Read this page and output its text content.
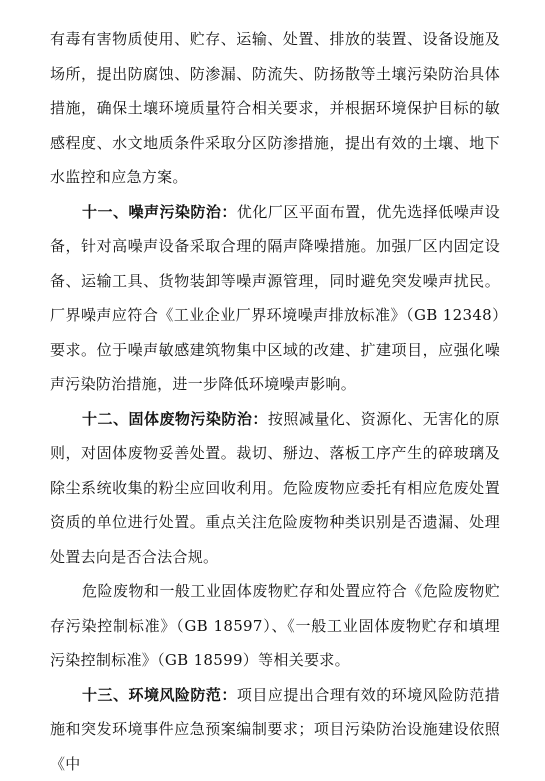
有毒有害物质使用、贮存、运输、处置、排放的装置、设备设施及场所，提出防腐蚀、防渗漏、防流失、防扬散等土壤污染防治具体措施，确保土壤环境质量符合相关要求，并根据环境保护目标的敏感程度、水文地质条件采取分区防渗措施，提出有效的土壤、地下水监控和应急方案。

十一、噪声污染防治：优化厂区平面布置，优先选择低噪声设备，针对高噪声设备采取合理的隔声降噪措施。加强厂区内固定设备、运输工具、货物装卸等噪声源管理，同时避免突发噪声扰民。厂界噪声应符合《工业企业厂界环境噪声排放标准》（GB 12348）要求。位于噪声敏感建筑物集中区域的改建、扩建项目，应强化噪声污染防治措施，进一步降低环境噪声影响。

十二、固体废物污染防治：按照减量化、资源化、无害化的原则，对固体废物妥善处置。裁切、掰边、落板工序产生的碎玻璃及除尘系统收集的粉尘应回收利用。危险废物应委托有相应危废处置资质的单位进行处置。重点关注危险废物种类识别是否遗漏、处理处置去向是否合法合规。

危险废物和一般工业固体废物贮存和处置应符合《危险废物贮存污染控制标准》（GB 18597）、《一般工业固体废物贮存和填埋污染控制标准》（GB 18599）等相关要求。

十三、环境风险防范：项目应提出合理有效的环境风险防范措施和突发环境事件应急预案编制要求；项目污染防治设施建设依照《中
